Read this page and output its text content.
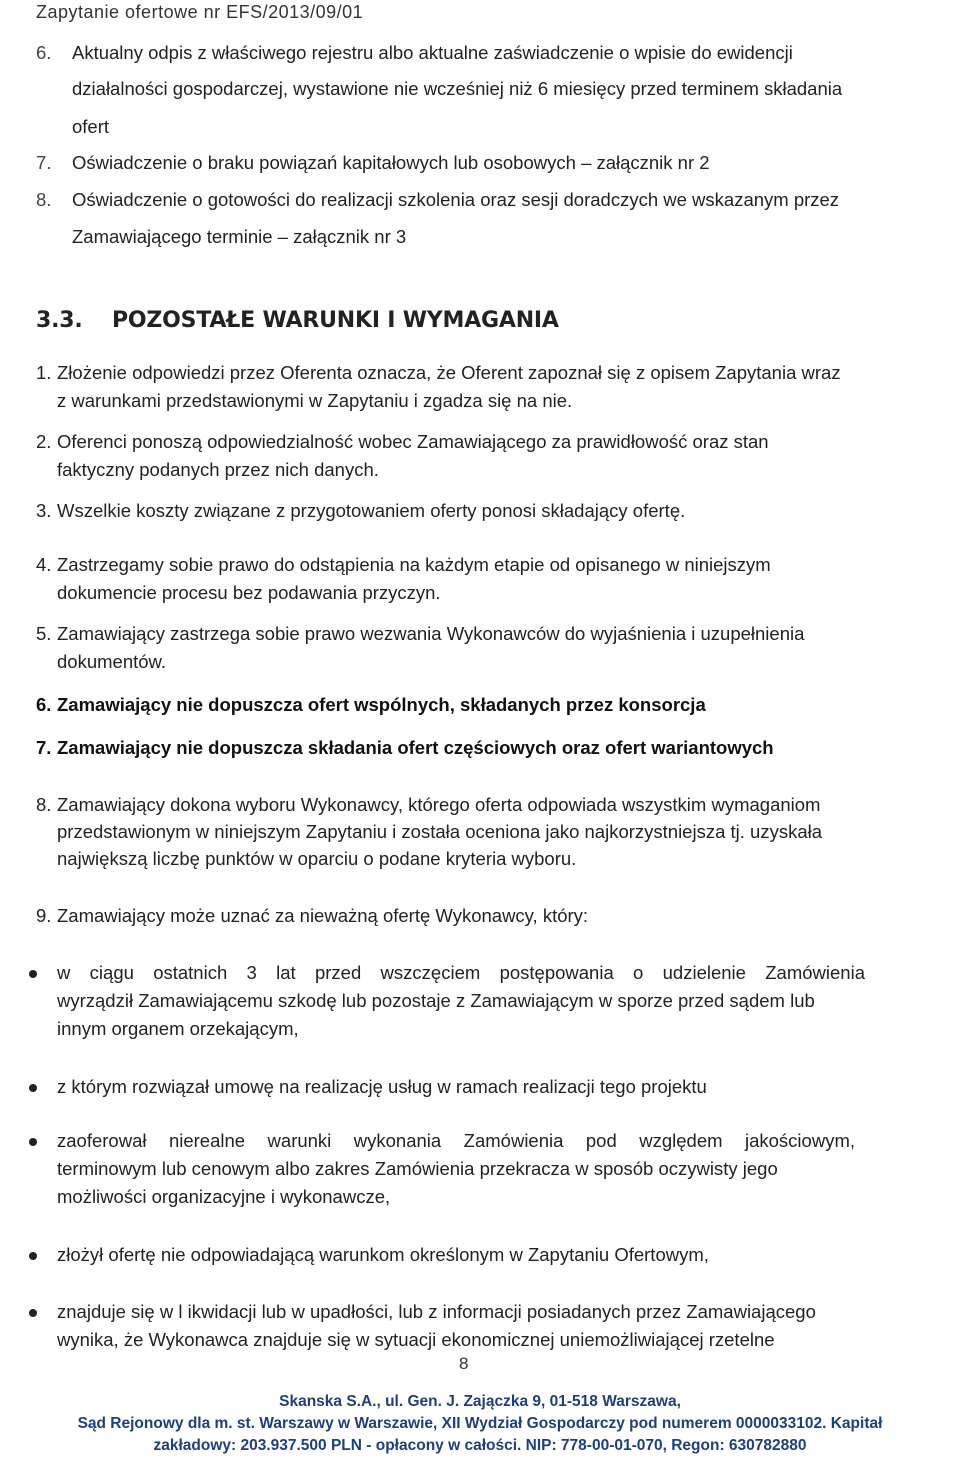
Zapytanie ofertowe nr EFS/2013/09/01
6. Aktualny odpis z właściwego rejestru albo aktualne zaświadczenie o wpisie do ewidencji
działalności gospodarczej, wystawione nie wcześniej niż 6 miesięcy przed terminem składania
ofert
7. Oświadczenie o braku powiązań kapitałowych lub osobowych – załącznik nr 2
8. Oświadczenie o gotowości do realizacji szkolenia oraz sesji doradczych we wskazanym przez
Zamawiającego terminie – załącznik nr 3
3.3. POZOSTAŁE WARUNKI I WYMAGANIA
1. Złożenie odpowiedzi przez Oferenta oznacza, że Oferent zapoznał się z opisem Zapytania wraz
z warunkami przedstawionymi w Zapytaniu i zgadza się na nie.
2. Oferenci ponoszą odpowiedzialność wobec Zamawiającego za prawidłowość oraz stan
faktyczny podanych przez nich danych.
3. Wszelkie koszty związane z przygotowaniem oferty ponosi składający ofertę.
4. Zastrzegamy sobie prawo do odstąpienia na każdym etapie od opisanego w niniejszym
dokumencie procesu bez podawania przyczyn.
5. Zamawiający zastrzega sobie prawo wezwania Wykonawców do wyjaśnienia i uzupełnienia
dokumentów.
6. Zamawiający nie dopuszcza ofert wspólnych, składanych przez konsorcja
7. Zamawiający nie dopuszcza składania ofert częściowych oraz ofert wariantowych
8. Zamawiający dokona wyboru Wykonawcy, którego oferta odpowiada wszystkim wymaganiom
przedstawionym w niniejszym Zapytaniu i została oceniona jako najkorzystniejsza tj. uzyskała
największą liczbę punktów w oparciu o podane kryteria wyboru.
9. Zamawiający może uznać za nieważną ofertę Wykonawcy, który:
w ciągu ostatnich 3 lat przed wszczęciem postępowania o udzielenie Zamówienia
wyrządził Zamawiającemu szkodę lub pozostaje z Zamawiającym w sporze przed sądem lub
innym organem orzekającym,
z którym rozwiązał umowę na realizację usług w ramach realizacji tego projektu
zaoferował nierealne warunki wykonania Zamówienia pod względem jakościowym,
terminowym lub cenowym albo zakres Zamówienia przekracza w sposób oczywisty jego
możliwości organizacyjne i wykonawcze,
złożył ofertę nie odpowiadającą warunkom określonym w Zapytaniu Ofertowym,
znajduje się w l ikwidacji lub w upadłości, lub z informacji posiadanych przez Zamawiającego
wynika, że Wykonawca znajduje się w sytuacji ekonomicznej uniemożliwiającej rzetelne
8
Skanska S.A., ul. Gen. J. Zajączka 9, 01-518 Warszawa,
Sąd Rejonowy dla m. st. Warszawy w Warszawie, XII Wydział Gospodarczy pod numerem 0000033102. Kapitał
zakładowy: 203.937.500 PLN - opłacony w całości. NIP: 778-00-01-070, Regon: 630782880
